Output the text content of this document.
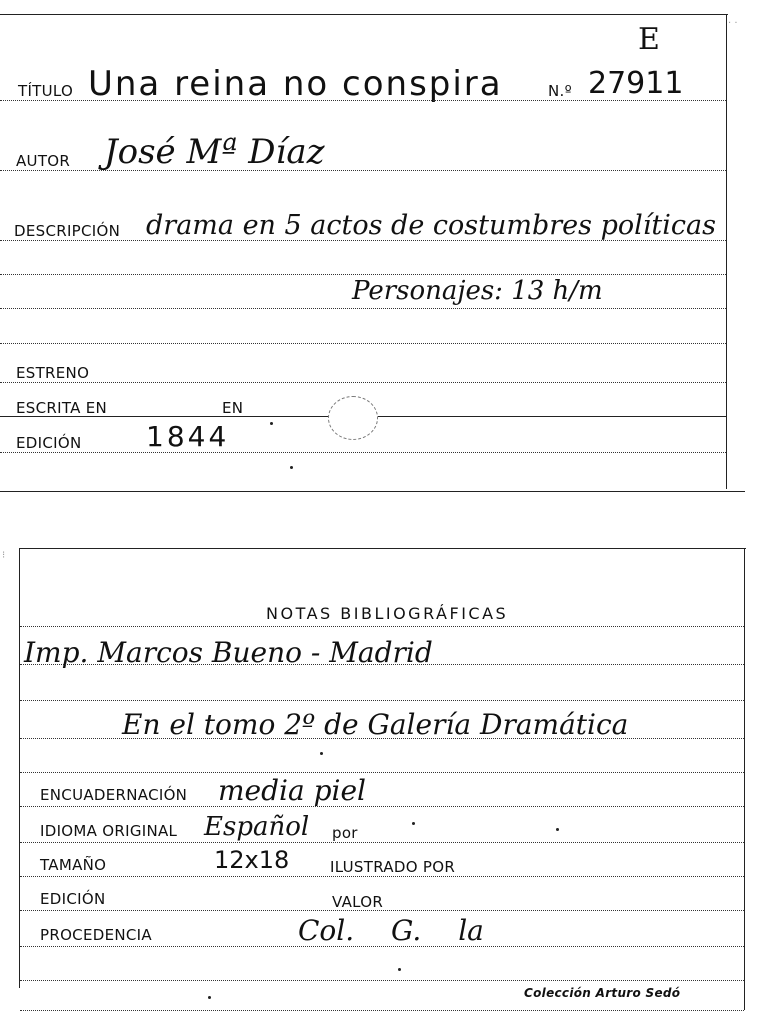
· ·
E
TÍTULO Una reina no conspira	N.º 27911
AUTOR José Mª Díaz
DESCRIPCIÓN drama en 5 actos de costumbres políticas
Personajes: 13 h/m
ESTRENO
ESCRITA EN	EN
EDICIÓN 1844
⁝
NOTAS BIBLIOGRÁFICAS
Imp. Marcos Bueno - Madrid
En el tomo 2º de Galería Dramática
ENCUADERNACIÓN media piel
IDIOMA ORIGINAL Español por
TAMAÑO	12x18	ILUSTRADO POR
EDICIÓN	VALOR
PROCEDENCIA	Col. G. la
Colección Arturo Sedó
